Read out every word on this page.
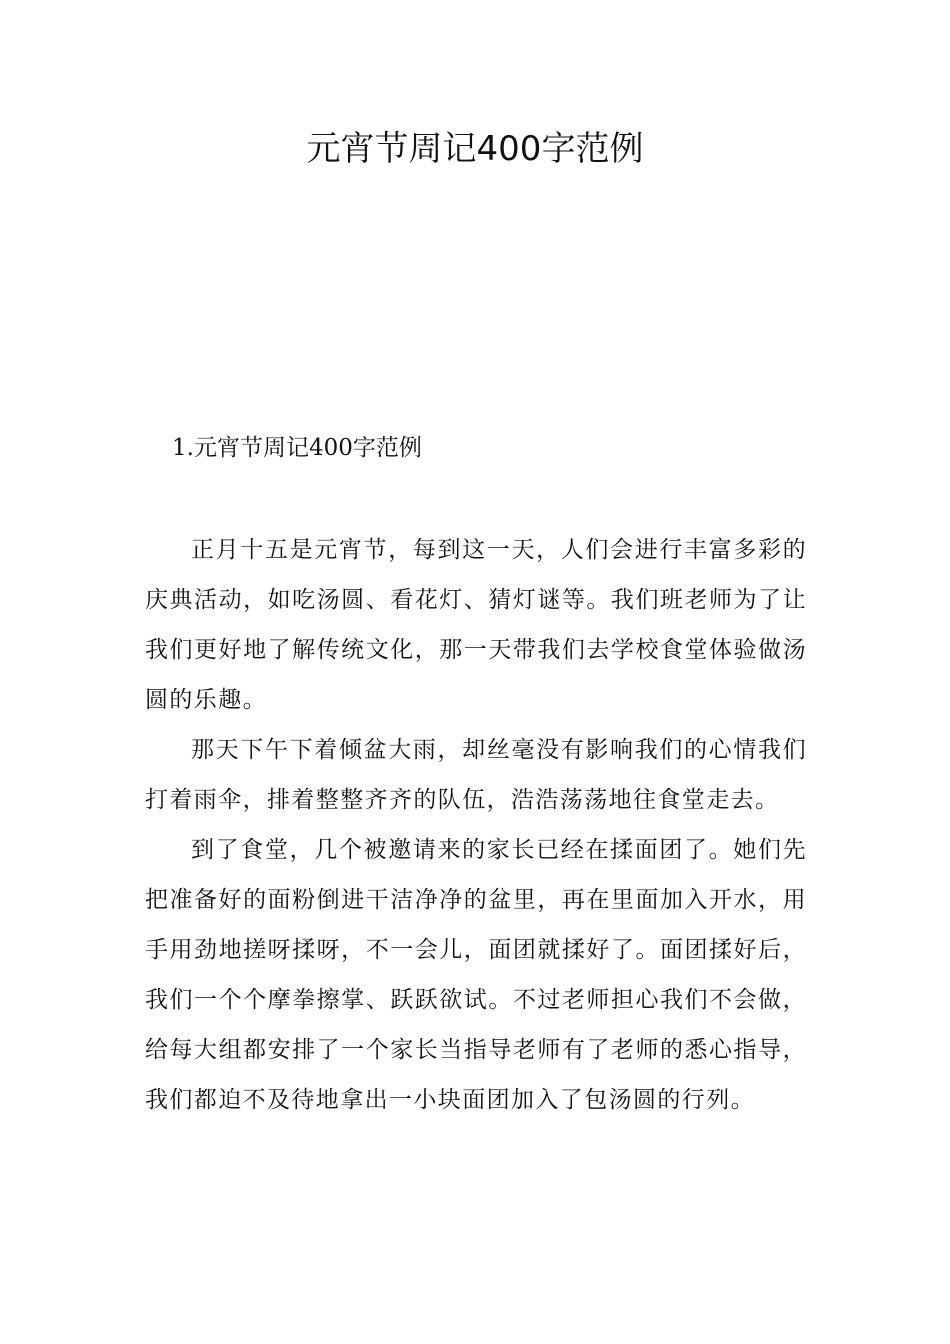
元宵节周记400字范例
1.元宵节周记400字范例

正月十五是元宵节，每到这一天，人们会进行丰富多彩的庆典活动，如吃汤圆、看花灯、猜灯谜等。我们班老师为了让我们更好地了解传统文化，那一天带我们去学校食堂体验做汤圆的乐趣。

那天下午下着倾盆大雨，却丝毫没有影响我们的心情我们打着雨伞，排着整整齐齐的队伍，浩浩荡荡地往食堂走去。

到了食堂，几个被邀请来的家长已经在揉面团了。她们先把准备好的面粉倒进干洁净净的盆里，再在里面加入开水，用手用劲地搓呀揉呀，不一会儿，面团就揉好了。面团揉好后，我们一个个摩拳擦掌、跃跃欲试。不过老师担心我们不会做，给每大组都安排了一个家长当指导老师有了老师的悉心指导，我们都迫不及待地拿出一小块面团加入了包汤圆的行列。
